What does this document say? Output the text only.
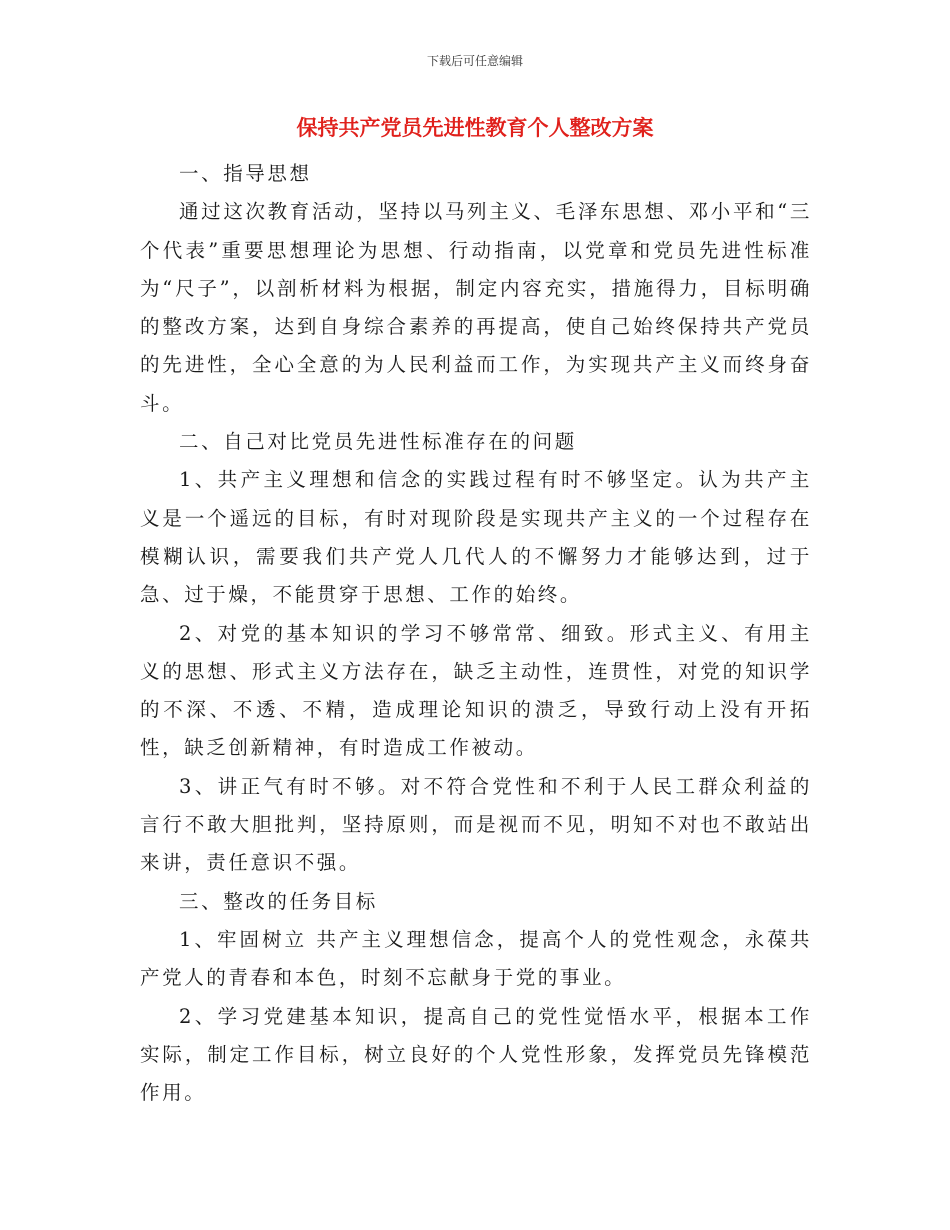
下载后可任意编辑
保持共产党员先进性教育个人整改方案

一、指导思想

通过这次教育活动，坚持以马列主义、毛泽东思想、邓小平和“三个代表”重要思想理论为思想、行动指南，以党章和党员先进性标准为“尺子”，以剖析材料为根据，制定内容充实，措施得力，目标明确的整改方案，达到自身综合素养的再提高，使自己始终保持共产党员的先进性，全心全意的为人民利益而工作，为实现共产主义而终身奋斗。

二、自己对比党员先进性标准存在的问题

1、共产主义理想和信念的实践过程有时不够坚定。认为共产主义是一个遥远的目标，有时对现阶段是实现共产主义的一个过程存在模糊认识，需要我们共产党人几代人的不懈努力才能够达到，过于急、过于燥，不能贯穿于思想、工作的始终。

2、对党的基本知识的学习不够常常、细致。形式主义、有用主义的思想、形式主义方法存在，缺乏主动性，连贯性，对党的知识学的不深、不透、不精，造成理论知识的溃乏，导致行动上没有开拓性，缺乏创新精神，有时造成工作被动。

3、讲正气有时不够。对不符合党性和不利于人民工群众利益的言行不敢大胆批判，坚持原则，而是视而不见，明知不对也不敢站出来讲，责任意识不强。

三、整改的任务目标

1、牢固树立 共产主义理想信念，提高个人的党性观念，永葆共产党人的青春和本色，时刻不忘献身于党的事业。

2、学习党建基本知识，提高自己的党性觉悟水平，根据本工作实际，制定工作目标，树立良好的个人党性形象，发挥党员先锋模范作用。
